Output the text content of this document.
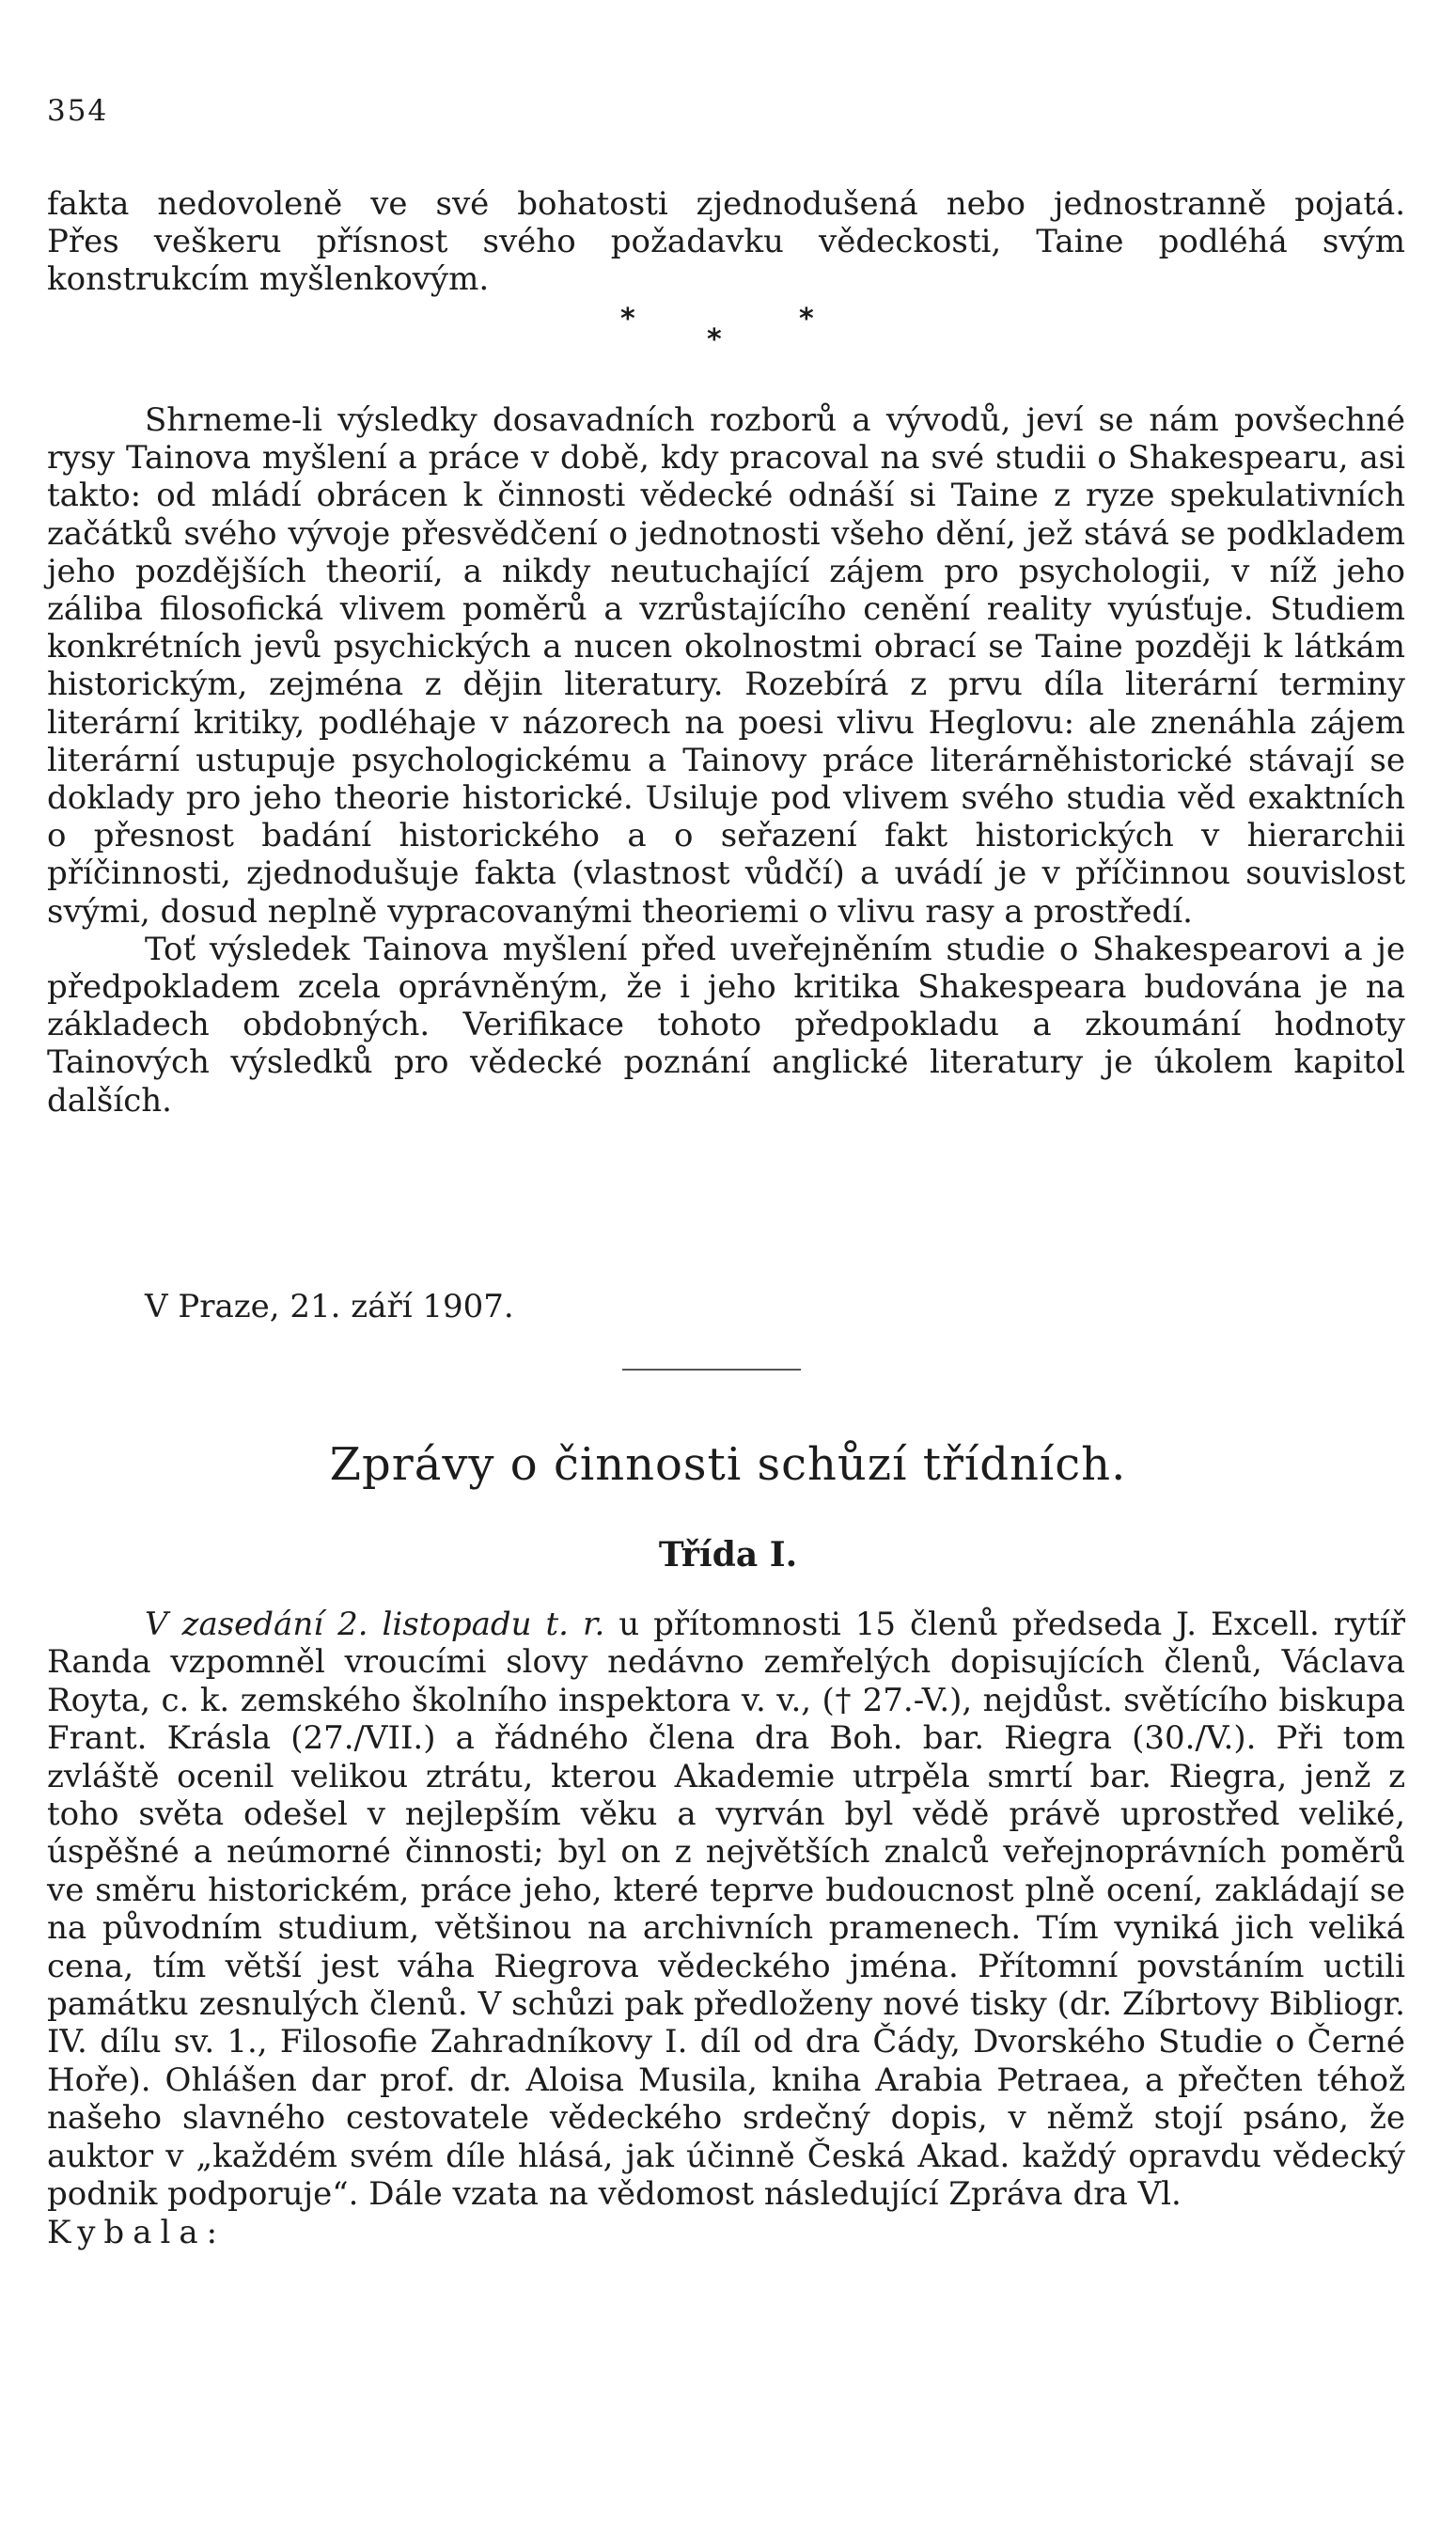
354

fakta nedovoleně ve své bohatosti zjednodušená nebo jednostranně pojatá.

Přes veškeru přísnost svého požadavku vědeckosti, Taine podléhá svým

konstrukcím myšlenkovým.

*
*
*

Shrneme-li výsledky dosavadních rozborů a vývodů, jeví se nám povšechné rysy Tainova myšlení a práce v době, kdy pracoval na své studii o Shakespearu, asi takto: od mládí obrácen k činnosti vědecké odnáší si Taine z ryze spekulativních začátků svého vývoje přesvědčení o jednotnosti všeho dění, jež stává se podkladem jeho pozdějších theorií, a nikdy neutuchající zájem pro psychologii, v níž jeho záliba filosofická vlivem poměrů a vzrůstajícího cenění reality vyúsťuje. Studiem konkrétních jevů psychických a nucen okolnostmi obrací se Taine později k látkám historickým, zejména z dějin literatury. Rozebírá z prvu díla literární terminy literární kritiky, podléhaje v názorech na poesi vlivu Heglovu: ale znenáhla zájem literární ustupuje psychologickému a Tainovy práce literárněhistorické stávají se doklady pro jeho theorie historické. Usiluje pod vlivem svého studia věd exaktních o přesnost badání historického a o seřazení fakt historických v hierarchii příčinnosti, zjednodušuje fakta (vlastnost vůdčí) a uvádí je v příčinnou souvislost svými, dosud neplně vypracovanými theoriemi o vlivu rasy a prostředí.

Toť výsledek Tainova myšlení před uveřejněním studie o Shakespearovi a je předpokladem zcela oprávněným, že i jeho kritika Shakespeara budována je na základech obdobných. Verifikace tohoto předpokladu a zkoumání hodnoty Tainových výsledků pro vědecké poznání anglické literatury je úkolem kapitol dalších.

V Praze, 21. září 1907.
Zprávy o činnosti schůzí třídních.
Třída I.

V zasedání 2. listopadu t. r. u přítomnosti 15 členů předseda J. Excell. rytíř Randa vzpomněl vroucími slovy nedávno zemřelých dopisujících členů, Václava Royta, c. k. zemského školního inspektora v. v., († 27.-V.), nejdůst. světícího biskupa Frant. Krásla (27./VII.) a řádného člena dra Boh. bar. Riegra (30./V.). Při tom zvláště ocenil velikou ztrátu, kterou Akademie utrpěla smrtí bar. Riegra, jenž z toho světa odešel v nejlepším věku a vyrván byl vědě právě uprostřed veliké, úspěšné a neúmorné činnosti; byl on z největších znalců veřejnoprávních poměrů ve směru historickém, práce jeho, které teprve budoucnost plně ocení, zakládají se na původním studium, většinou na archivních pramenech. Tím vyniká jich veliká cena, tím větší jest váha Riegrova vědeckého jména. Přítomní povstáním uctili památku zesnulých členů. V schůzi pak předloženy nové tisky (dr. Zíbrtovy Bibliogr. IV. dílu sv. 1., Filosofie Zahradníkovy I. díl od dra Čády, Dvorského Studie o Černé Hoře). Ohlášen dar prof. dr. Aloisa Musila, kniha Arabia Petraea, a přečten téhož našeho slavného cestovatele vědeckého srdečný dopis, v němž stojí psáno, že auktor v „každém svém díle hlásá, jak účinně Česká Akad. každý opravdu vědecký podnik podporuje“. Dále vzata na vědomost následující Zpráva dra Vl.
Kybala:
